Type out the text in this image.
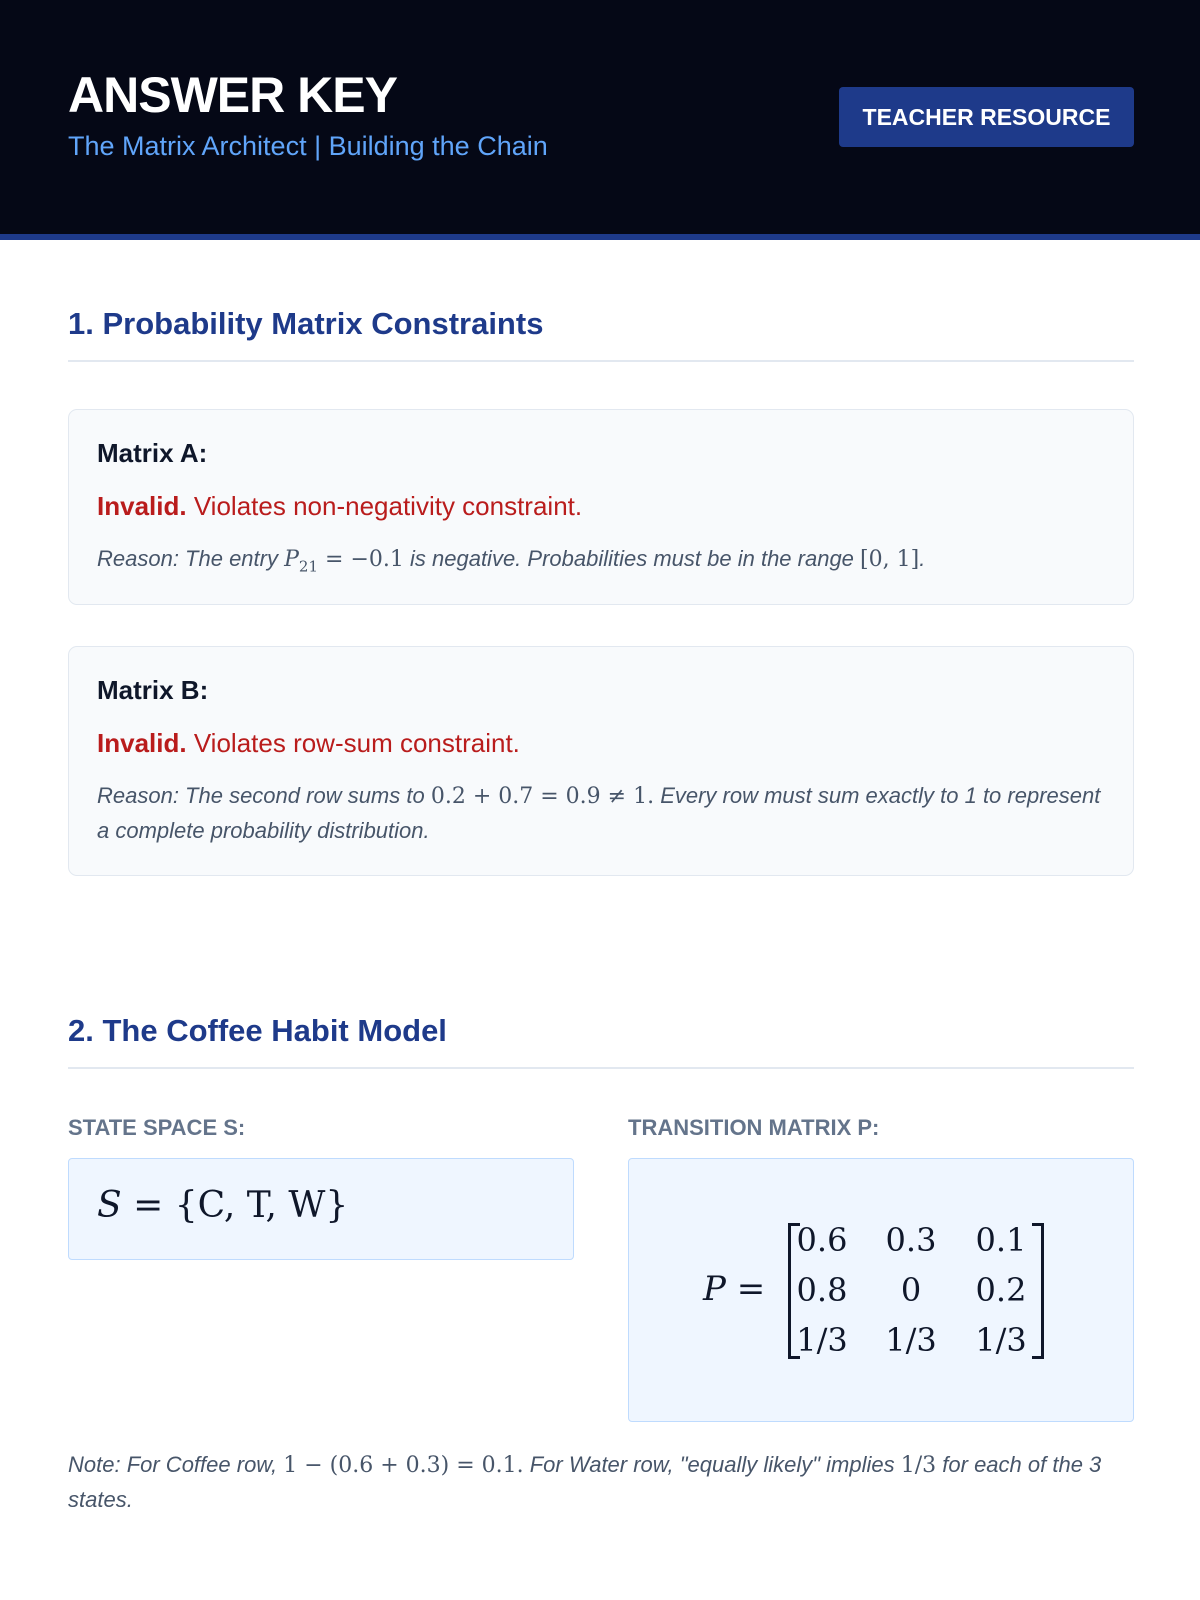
ANSWER KEY
The Matrix Architect | Building the Chain
TEACHER RESOURCE
1. Probability Matrix Constraints
Matrix A:
Invalid. Violates non-negativity constraint.
Reason: The entry $P_{21} = -0.1$ is negative. Probabilities must be in the range [0, 1].
Matrix B:
Invalid. Violates row-sum constraint.
Reason: The second row sums to 0.2 + 0.7 = 0.9 ≠ 1. Every row must sum exactly to 1 to represent a complete probability distribution.
2. The Coffee Habit Model
STATE SPACE S:
S = {C, T, W}
TRANSITION MATRIX P:
P =
0.6 0.3 0.1
0.8	0	0.2
1/3 1/3 1/3
Note: For Coffee row, 1 − (0.6 + 0.3) = 0.1. For Water row, "equally likely" implies 1/3 for each of the 3 states.
